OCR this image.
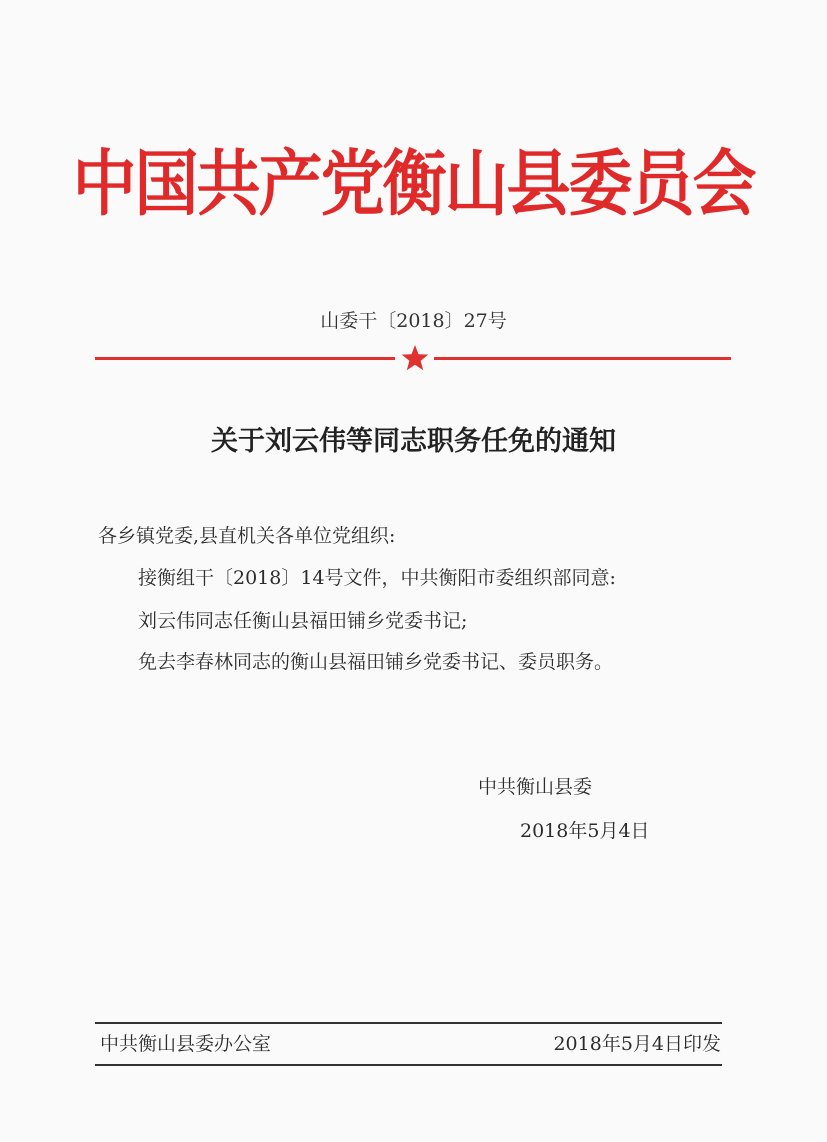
中国共产党衡山县委员会
山委干〔2018〕27号
关于刘云伟等同志职务任免的通知
各乡镇党委,县直机关各单位党组织:
接衡组干〔2018〕14号文件，中共衡阳市委组织部同意:
刘云伟同志任衡山县福田铺乡党委书记;
免去李春林同志的衡山县福田铺乡党委书记、委员职务。
中共衡山县委
2018年5月4日
中共衡山县委办公室	2018年5月4日印发
